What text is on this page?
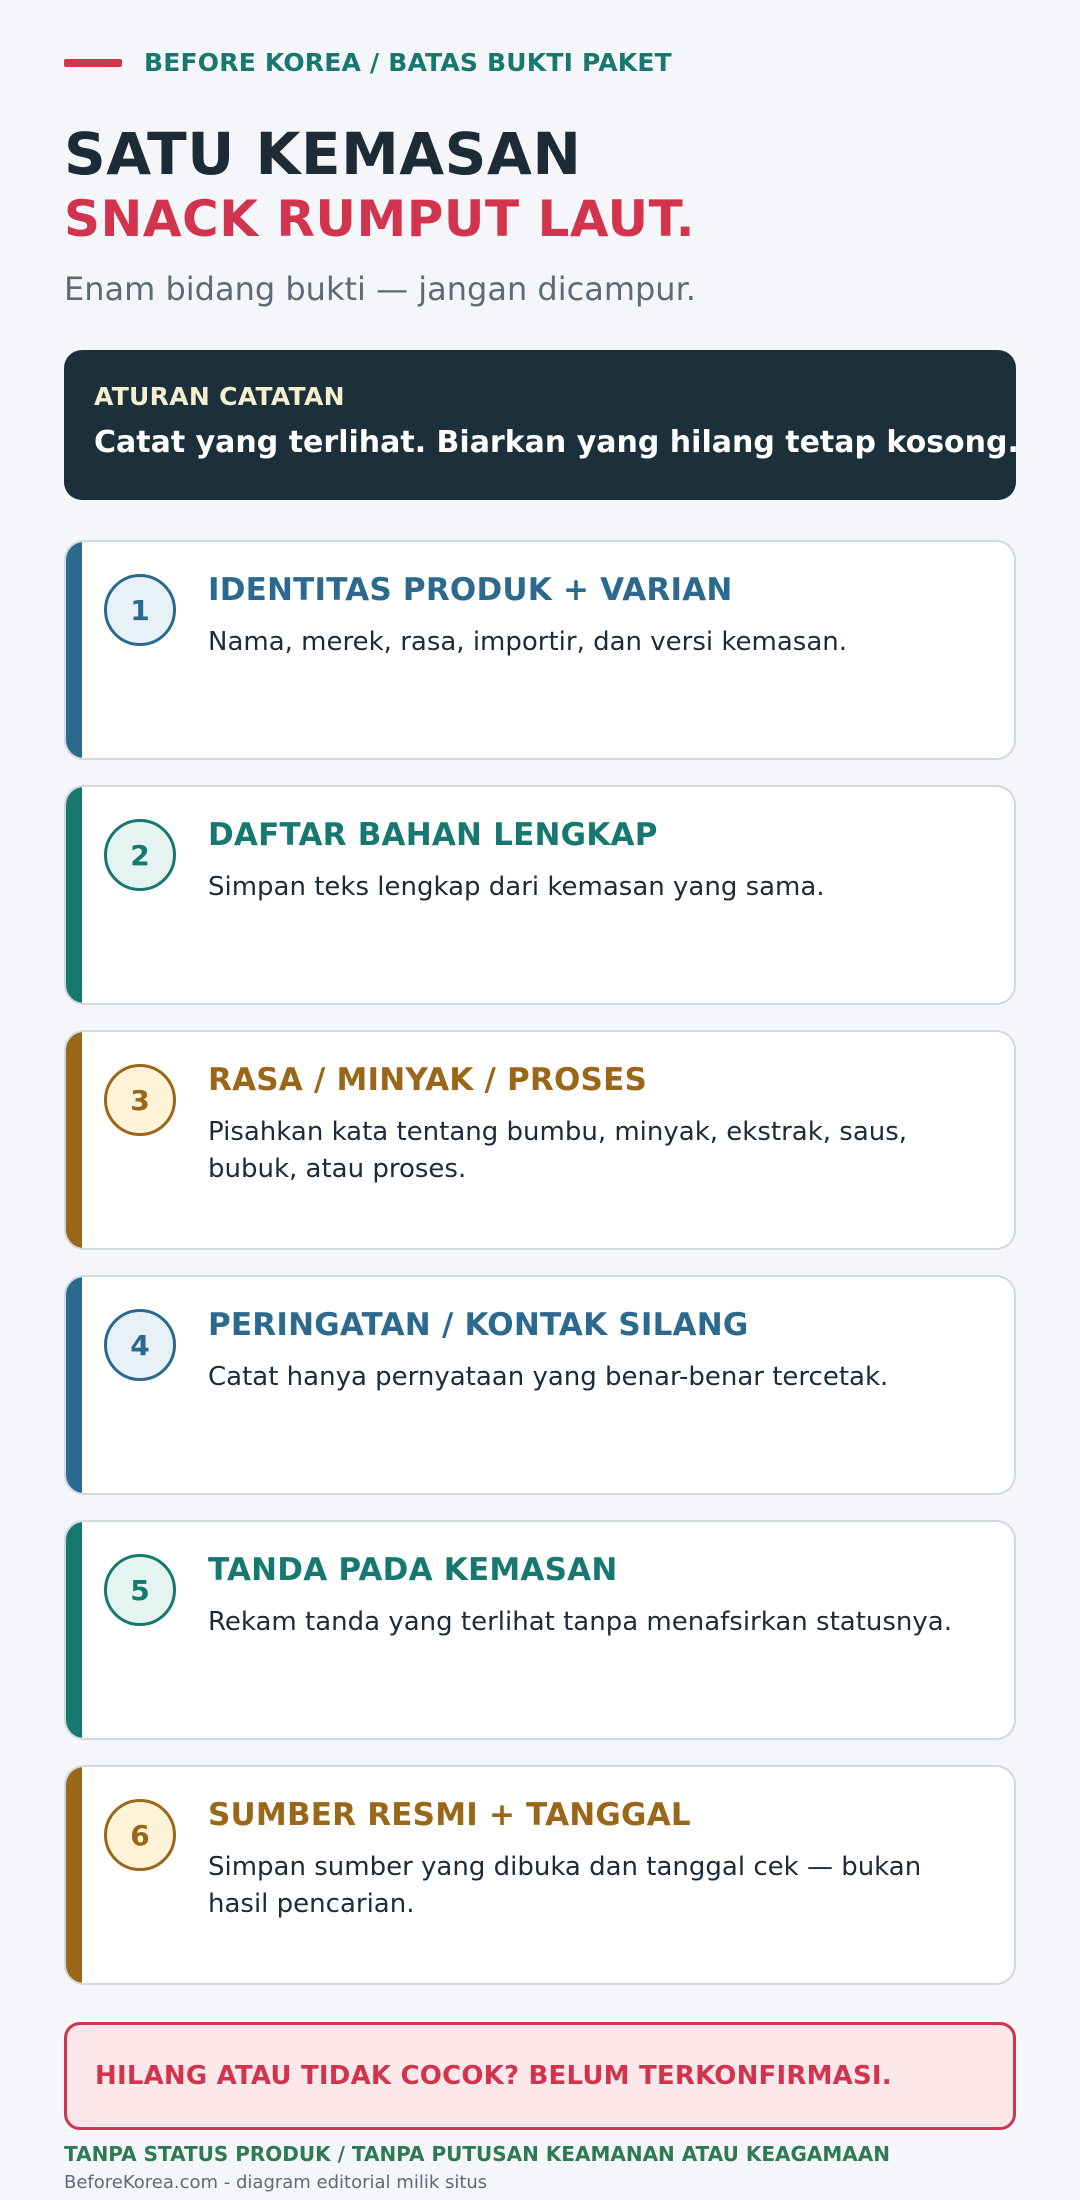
BEFORE KOREA / BATAS BUKTI PAKET
SATU KEMASAN
SNACK RUMPUT LAUT.
Enam bidang bukti — jangan dicampur.
ATURAN CATATAN
Catat yang terlihat. Biarkan yang hilang tetap kosong.
1
IDENTITAS PRODUK + VARIAN
Nama, merek, rasa, importir, dan versi kemasan.
2
DAFTAR BAHAN LENGKAP
Simpan teks lengkap dari kemasan yang sama.
3
RASA / MINYAK / PROSES
Pisahkan kata tentang bumbu, minyak, ekstrak, saus, bubuk, atau proses.
4
PERINGATAN / KONTAK SILANG
Catat hanya pernyataan yang benar-benar tercetak.
5
TANDA PADA KEMASAN
Rekam tanda yang terlihat tanpa menafsirkan statusnya.
6
SUMBER RESMI + TANGGAL
Simpan sumber yang dibuka dan tanggal cek — bukan hasil pencarian.
HILANG ATAU TIDAK COCOK? BELUM TERKONFIRMASI.
TANPA STATUS PRODUK / TANPA PUTUSAN KEAMANAN ATAU KEAGAMAAN
BeforeKorea.com - diagram editorial milik situs
